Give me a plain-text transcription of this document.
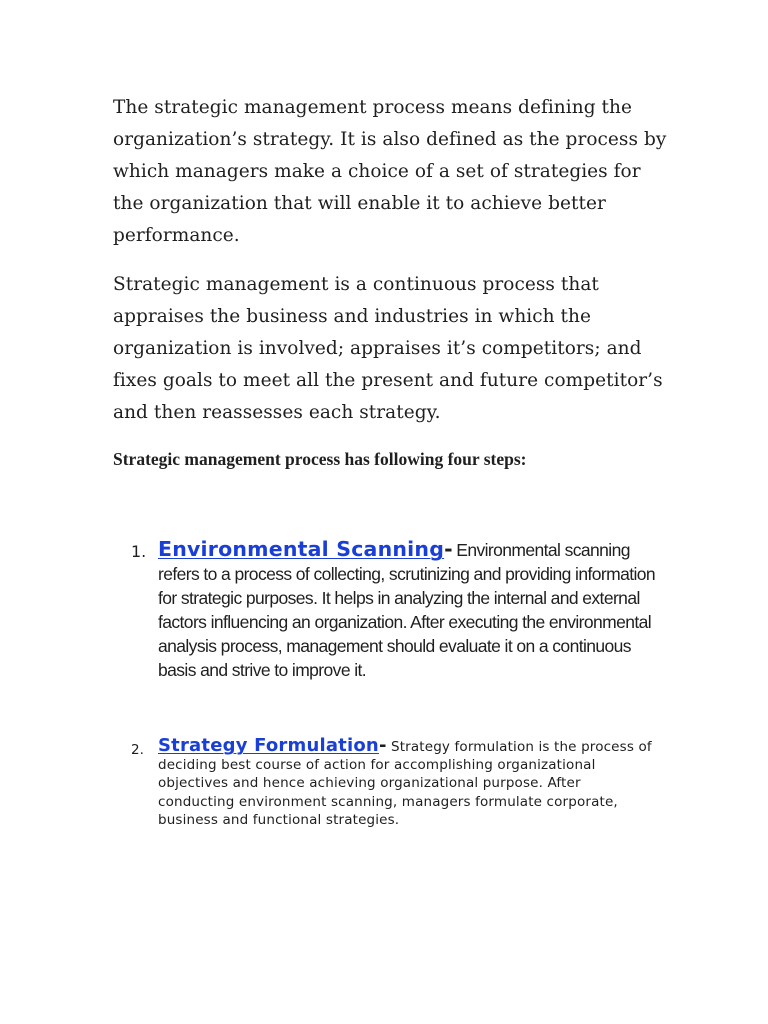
The strategic management process means defining the organization’s strategy. It is also defined as the process by which managers make a choice of a set of strategies for the organization that will enable it to achieve better performance.

Strategic management is a continuous process that appraises the business and industries in which the organization is involved; appraises it’s competitors; and fixes goals to meet all the present and future competitor’s and then reassesses each strategy.

Strategic management process has following four steps:

1. Environmental Scanning- Environmental scanning refers to a process of collecting, scrutinizing and providing information for strategic purposes. It helps in analyzing the internal and external factors influencing an organization. After executing the environmental analysis process, management should evaluate it on a continuous basis and strive to improve it.

2. Strategy Formulation- Strategy formulation is the process of deciding best course of action for accomplishing organizational objectives and hence achieving organizational purpose. After conducting environment scanning, managers formulate corporate, business and functional strategies.
